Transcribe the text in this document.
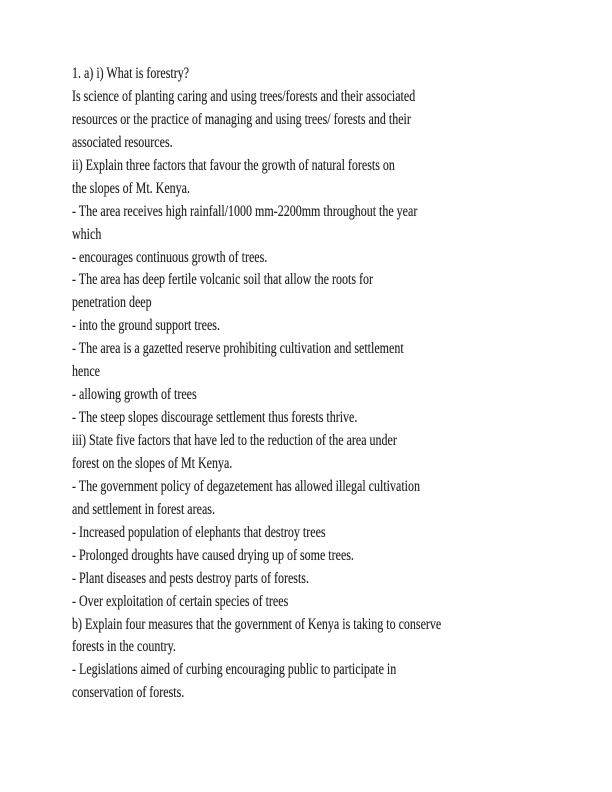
1. a) i) What is forestry?

Is science of planting caring and using trees/forests and their associated

resources or the practice of managing and using trees/ forests and their

associated resources.

ii) Explain three factors that favour the growth of natural forests on

the slopes of Mt. Kenya.

- The area receives high rainfall/1000 mm-2200mm throughout the year

which

- encourages continuous growth of trees.

- The area has deep fertile volcanic soil that allow the roots for

penetration deep

- into the ground support trees.

- The area is a gazetted reserve prohibiting cultivation and settlement

hence

- allowing growth of trees

- The steep slopes discourage settlement thus forests thrive.

iii) State five factors that have led to the reduction of the area under

forest on the slopes of Mt Kenya.

- The government policy of degazetement has allowed illegal cultivation

and settlement in forest areas.

- Increased population of elephants that destroy trees

- Prolonged droughts have caused drying up of some trees.

- Plant diseases and pests destroy parts of forests.

- Over exploitation of certain species of trees

b) Explain four measures that the government of Kenya is taking to conserve

forests in the country.

- Legislations aimed of curbing encouraging public to participate in

conservation of forests.
